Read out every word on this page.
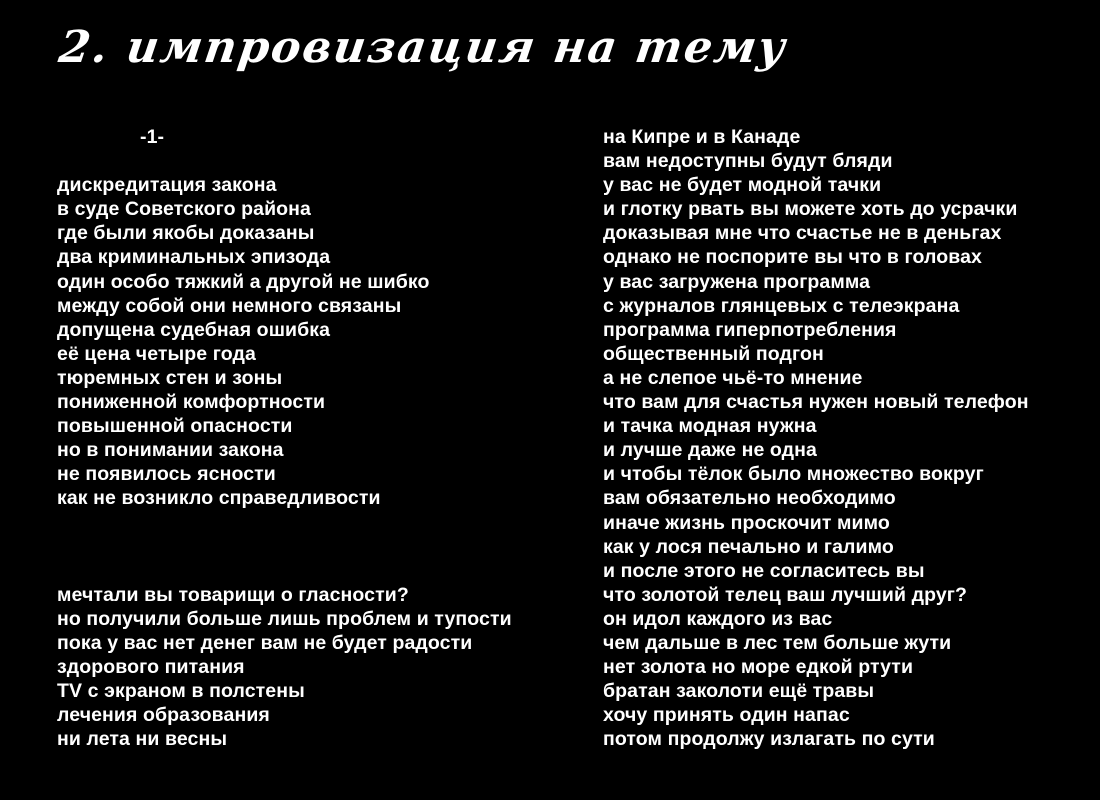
2. импровизация на тему
-1-
дискредитация закона
в суде Советского района
где были якобы доказаны
два криминальных эпизода
один особо тяжкий а другой не шибко
между собой они немного связаны
допущена судебная ошибка
её цена четыре года
тюремных стен и зоны
пониженной комфортности
повышенной опасности
но в понимании закона
не появилось ясности
как не возникло справедливости
мечтали вы товарищи о гласности?
но получили больше лишь проблем и тупости
пока у вас нет денег вам не будет радости
здорового питания
TV с экраном в полстены
лечения образования
ни лета ни весны
на Кипре и в Канаде
вам недоступны будут бляди
у вас не будет модной тачки
и глотку рвать вы можете хоть до усрачки
доказывая мне что счастье не в деньгах
однако не поспорите вы что в головах
у вас загружена программа
с журналов глянцевых с телеэкрана
программа гиперпотребления
общественный подгон
а не слепое чьё-то мнение
что вам для счастья нужен новый телефон
и тачка модная нужна
и лучше даже не одна
и чтобы тёлок было множество вокруг
вам обязательно необходимо
иначе жизнь проскочит мимо
как у лося печально и галимо
и после этого не согласитесь вы
что золотой телец ваш лучший друг?
он идол каждого из вас
чем дальше в лес тем больше жути
нет золота но море едкой ртути
братан заколоти ещё травы
хочу принять один напас
потом продолжу излагать по сути
